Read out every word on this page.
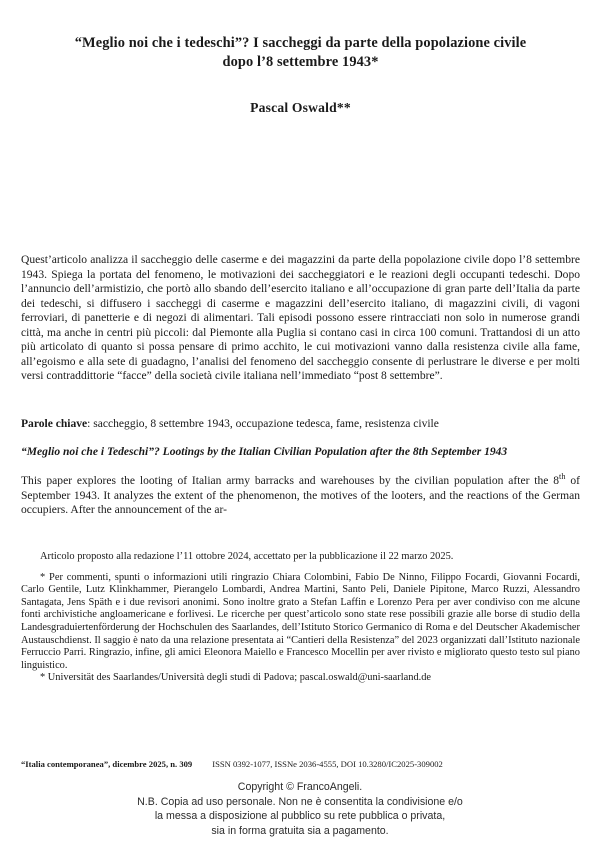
“Meglio noi che i tedeschi”? I saccheggi da parte della popolazione civile
dopo l’8 settembre 1943*

Pascal Oswald**

Quest’articolo analizza il saccheggio delle caserme e dei magazzini da parte della popolazione civile dopo l’8 settembre 1943. Spiega la portata del fenomeno, le motivazioni dei saccheggiatori e le reazioni degli occupanti tedeschi. Dopo l’annuncio dell’armistizio, che portò allo sbando dell’esercito italiano e all’occupazione di gran parte dell’Italia da parte dei tedeschi, si diffusero i saccheggi di caserme e magazzini dell’esercito italiano, di magazzini civili, di vagoni ferroviari, di panetterie e di negozi di alimentari. Tali episodi possono essere rintracciati non solo in numerose grandi città, ma anche in centri più piccoli: dal Piemonte alla Puglia si contano casi in circa 100 comuni. Trattandosi di un atto più articolato di quanto si possa pensare di primo acchito, le cui motivazioni vanno dalla resistenza civile alla fame, all’egoismo e alla sete di guadagno, l’analisi del fenomeno del saccheggio consente di perlustrare le diverse e per molti versi contraddittorie “facce” della società civile italiana nell’immediato “post 8 settembre”.

Parole chiave: saccheggio, 8 settembre 1943, occupazione tedesca, fame, resistenza civile
“Meglio noi che i Tedeschi”? Lootings by the Italian Civilian Population after the 8th September 1943

This paper explores the looting of Italian army barracks and warehouses by the civilian population after the 8th of September 1943. It analyzes the extent of the phenomenon, the motives of the looters, and the reactions of the German occupiers. After the announcement of the ar-

Articolo proposto alla redazione l’11 ottobre 2024, accettato per la pubblicazione il 22 marzo 2025.

* Per commenti, spunti o informazioni utili ringrazio Chiara Colombini, Fabio De Ninno, Filippo Focardi, Giovanni Focardi, Carlo Gentile, Lutz Klinkhammer, Pierangelo Lombardi, Andrea Martini, Santo Peli, Daniele Pipitone, Marco Ruzzi, Alessandro Santagata, Jens Späth e i due revisori anonimi. Sono inoltre grato a Stefan Laffin e Lorenzo Pera per aver condiviso con me alcune fonti archivistiche angloamericane e forlivesi. Le ricerche per quest’articolo sono state rese possibili grazie alle borse di studio della Landesgraduiertenförderung der Hochschulen des Saarlandes, dell’Istituto Storico Germanico di Roma e del Deutscher Akademischer Austauschdienst. Il saggio è nato da una relazione presentata ai “Cantieri della Resistenza” del 2023 organizzati dall’Istituto nazionale Ferruccio Parri. Ringrazio, infine, gli amici Eleonora Maiello e Francesco Mocellin per aver rivisto e migliorato questo testo sul piano linguistico.

* Universität des Saarlandes/Università degli studi di Padova; pascal.oswald@uni-saarland.de

“Italia contemporanea”, dicembre 2025, n. 309	ISSN 0392-1077, ISSNe 2036-4555, DOI 10.3280/IC2025-309002
Copyright © FrancoAngeli.
N.B. Copia ad uso personale. Non ne è consentita la condivisione e/o
la messa a disposizione al pubblico su rete pubblica o privata,
sia in forma gratuita sia a pagamento.
